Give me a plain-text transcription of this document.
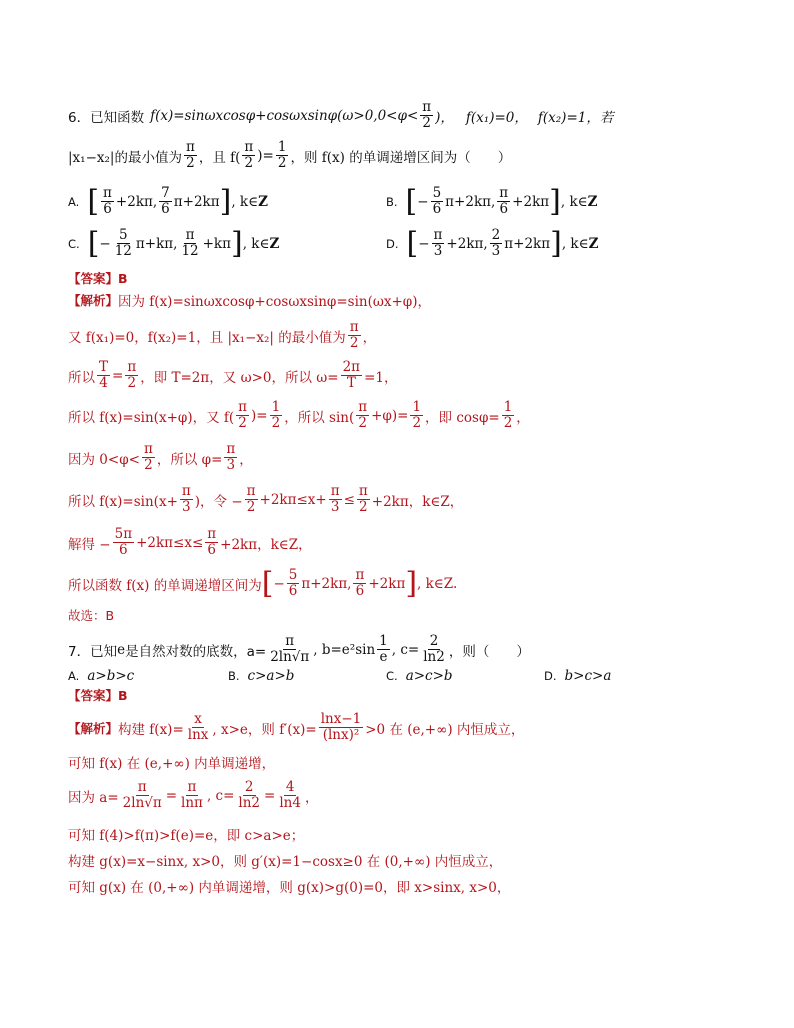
6．已知函数 f(x)=sinωxcosφ+cosωxsinφ ($\omega>0,0<\varphi< \frac{\pi}{2}$ )， f(x₁)=0， f(x₂)=1，若
|x₁−x₂|的最小值为 $\frac{\pi}{2}$ ，且 $f( \frac{\pi}{2}$ )= $\frac{1}{2}$ ，则 f(x) 的单调递增区间为（　　）
A. [ $\frac{\pi}{6} +2k\pi$, $\frac{7}{6} \pi+2k\pi$ ] , k∈Z	B. [ − $\frac{5}{6} \pi+2k\pi$, $\frac{\pi}{6} +2k\pi$ ] , k∈Z
C. [ − $\frac{5}{12} \pi+k\pi$, $\frac{\pi}{12} +k\pi$ ] , k∈Z	D. [ − $\frac{\pi}{3} +2k\pi$, $\frac{2}{3} \pi+2k\pi$ ] , k∈Z
【答案】 B
【解析】 因为 f(x)=sinωxcosφ+cosωxsinφ=sin(ωx+φ)，
又 f(x₁)=0，f(x₂)=1，且 |x₁−x₂| 的最小值为 $\frac{\pi}{2}$ ，
所以 $\frac{T}{4} = \frac{\pi}{2}$ ，即 T=2π，又 ω>0，所以 $\omega= \frac{2\pi}{T} =1$，
所以 f(x)=sin(x+φ)，又 $f( \frac{\pi}{2}$ )= $\frac{1}{2}$ ，所以 $\sin( \frac{\pi}{2} +\varphi)= \frac{1}{2}$ ，即 $\cos\varphi= \frac{1}{2}$ ，
因为 $0<\varphi< \frac{\pi}{2}$ ，所以 $\varphi= \frac{\pi}{3}$ ，
所以 $f(x)=\sin(x+ \frac{\pi}{3}$ )，令 − $\frac{\pi}{2} +2k\pi\le x+ \frac{\pi}{3} \le \frac{\pi}{2} +2k\pi$，k∈Z，
解得 − $\frac{5\pi}{6} +2k\pi\le x\le \frac{\pi}{6} +2k\pi$，k∈Z，
所以函数 f(x) 的单调递增区间为 [ − $\frac{5}{6} \pi+2k\pi$, $\frac{\pi}{6} +2k\pi$ ] , k∈Z.
故选：B
7．已知 e 是自然对数的底数，$a= \frac{\pi}{2\ln√\pi}$ , $b=e^2\sin \frac{1}{e}$ , $c= \frac{2}{\ln 2}$ ，则（　　）
A. a>b>c	B. c>a>b	C. a>c>b	D. b>c>a
【答案】 B
【解析】 构建 $f(x)= \frac{x}{\ln x}$ , x>e，则 $f'(x)= \frac{\ln x-1}{\text{(lnx)²}} >0$ 在 (e,+∞) 内恒成立，
可知 f(x) 在 (e,+∞) 内单调递增，
因为 $a= \frac{\pi}{2\ln√\pi} = \frac{\pi}{\ln\pi}$ , $c= \frac{2}{\ln 2} = \frac{4}{\ln 4}$ ，
可知 f(4)>f(π)>f(e)=e，即 c>a>e；
构建 g(x)=x−sinx, x>0，则 g′(x)=1−cosx≥0 在 (0,+∞) 内恒成立，
可知 g(x) 在 (0,+∞) 内单调递增，则 g(x)>g(0)=0，即 x>sinx, x>0，
